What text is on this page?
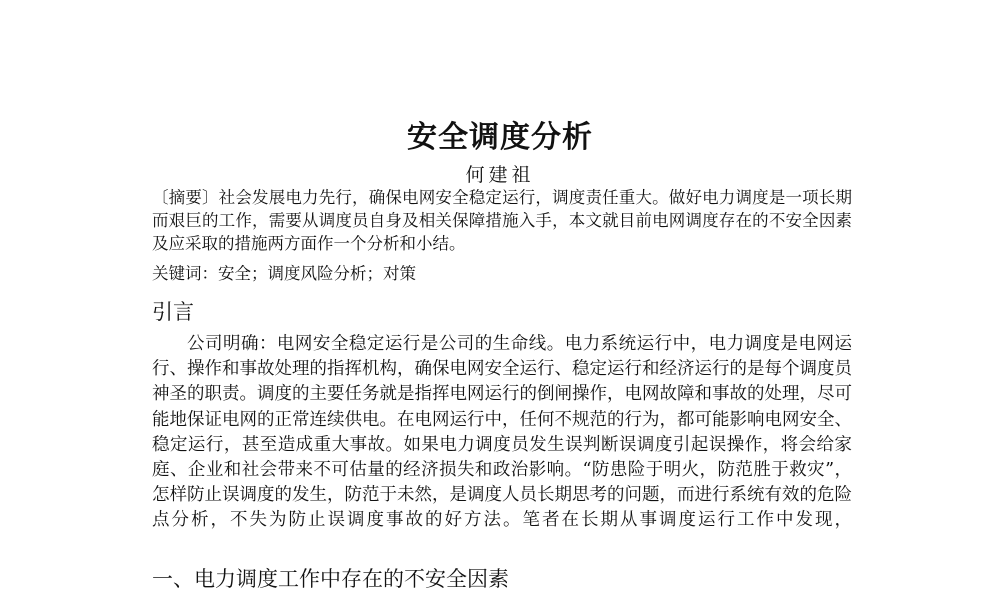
安全调度分析

何建祖

〔摘要〕社会发展电力先行，确保电网安全稳定运行，调度责任重大。做好电力调度是一项长期而艰巨的工作，需要从调度员自身及相关保障措施入手，本文就目前电网调度存在的不安全因素及应采取的措施两方面作一个分析和小结。

关键词：安全；调度风险分析；对策

引言

公司明确：电网安全稳定运行是公司的生命线。电力系统运行中，电力调度是电网运行、操作和事故处理的指挥机构，确保电网安全运行、稳定运行和经济运行的是每个调度员神圣的职责。调度的主要任务就是指挥电网运行的倒闸操作，电网故障和事故的处理，尽可能地保证电网的正常连续供电。在电网运行中，任何不规范的行为，都可能影响电网安全、稳定运行，甚至造成重大事故。如果电力调度员发生误判断误调度引起误操作，将会给家庭、企业和社会带来不可估量的经济损失和政治影响。“防患险于明火，防范胜于救灾”，怎样防止误调度的发生，防范于未然，是调度人员长期思考的问题，而进行系统有效的危险点分析，不失为防止误调度事故的好方法。笔者在长期从事调度运行工作中发现，

一、电力调度工作中存在的不安全因素
